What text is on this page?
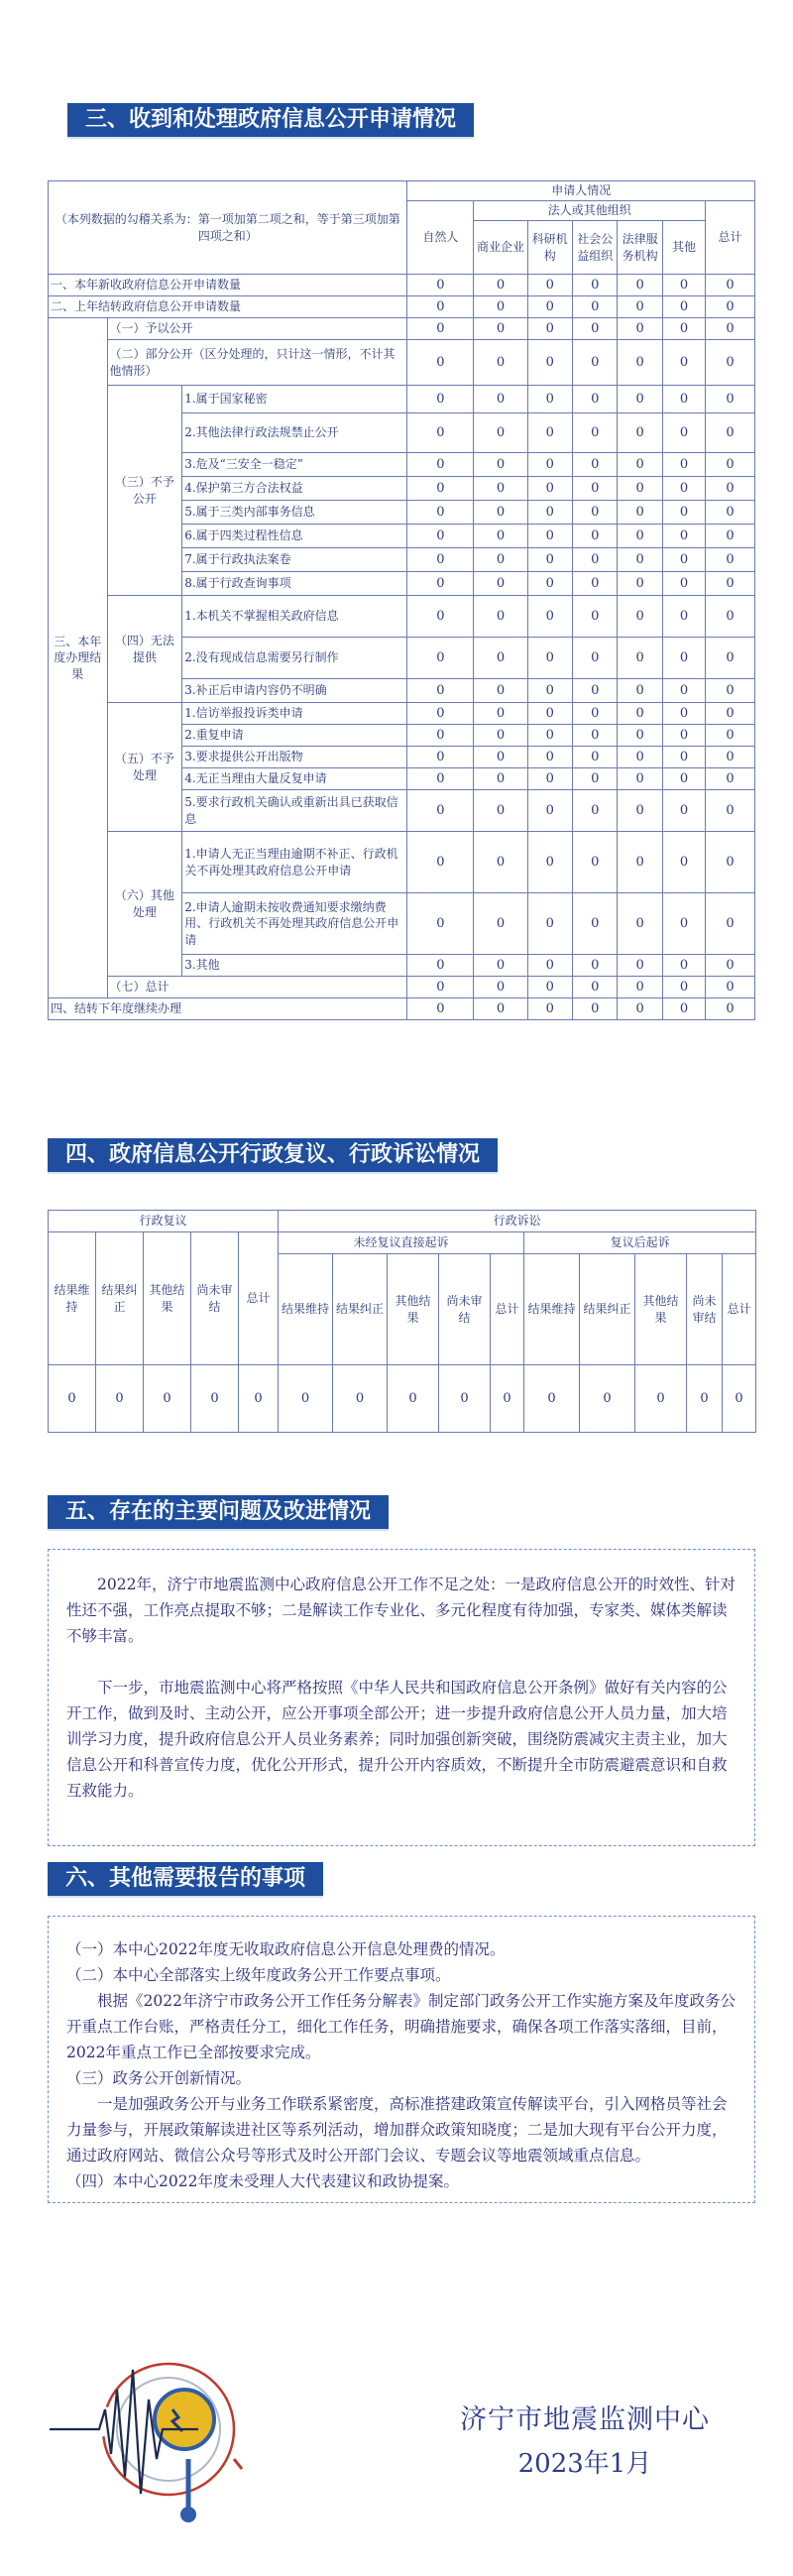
三、收到和处理政府信息公开申请情况
（本列数据的勾稽关系为：第一项加第二项之和，等于第三项加第四项之和）			申请人情况						
			自然人	法人或其他组织					总计
				商业企业	科研机构	社会公益组织	法律服务机构	其他	
一、本年新收政府信息公开申请数量			0	0	0	0	0	0	0
二、上年结转政府信息公开申请数量			0	0	0	0	0	0	0
三、本年度办理结果	（一）予以公开		0	0	0	0	0	0	0
	（二）部分公开（区分处理的，只计这一情形，不计其他情形）		0	0	0	0	0	0	0
	（三）不予公开	1.属于国家秘密	0	0	0	0	0	0	0
		2.其他法律行政法规禁止公开	0	0	0	0	0	0	0
		3.危及“三安全一稳定”	0	0	0	0	0	0	0
		4.保护第三方合法权益	0	0	0	0	0	0	0
		5.属于三类内部事务信息	0	0	0	0	0	0	0
		6.属于四类过程性信息	0	0	0	0	0	0	0
		7.属于行政执法案卷	0	0	0	0	0	0	0
		8.属于行政查询事项	0	0	0	0	0	0	0
	（四）无法提供	1.本机关不掌握相关政府信息	0	0	0	0	0	0	0
		2.没有现成信息需要另行制作	0	0	0	0	0	0	0
		3.补正后申请内容仍不明确	0	0	0	0	0	0	0
	（五）不予处理	1.信访举报投诉类申请	0	0	0	0	0	0	0
		2.重复申请	0	0	0	0	0	0	0
		3.要求提供公开出版物	0	0	0	0	0	0	0
		4.无正当理由大量反复申请	0	0	0	0	0	0	0
		5.要求行政机关确认或重新出具已获取信息	0	0	0	0	0	0	0
	（六）其他处理	1.申请人无正当理由逾期不补正、行政机关不再处理其政府信息公开申请	0	0	0	0	0	0	0
		2.申请人逾期未按收费通知要求缴纳费用、行政机关不再处理其政府信息公开申请	0	0	0	0	0	0	0
		3.其他	0	0	0	0	0	0	0
	（七）总计		0	0	0	0	0	0	0
四、结转下年度继续办理			0	0	0	0	0	0	0
四、政府信息公开行政复议、行政诉讼情况
行政复议					行政诉讼									
结果维持	结果纠正	其他结果	尚未审结	总计	未经复议直接起诉					复议后起诉				
					结果维持	结果纠正	其他结果	尚未审结	总计	结果维持	结果纠正	其他结果	尚未审结	总计
0	0	0	0	0	0	0	0	0	0	0	0	0	0	0
五、存在的主要问题及改进情况

2022年，济宁市地震监测中心政府信息公开工作不足之处：一是政府信息公开的时效性、针对性还不强，工作亮点提取不够；二是解读工作专业化、多元化程度有待加强，专家类、媒体类解读不够丰富。

下一步，市地震监测中心将严格按照《中华人民共和国政府信息公开条例》做好有关内容的公开工作，做到及时、主动公开，应公开事项全部公开；进一步提升政府信息公开人员力量，加大培训学习力度，提升政府信息公开人员业务素养；同时加强创新突破，围绕防震减灾主责主业，加大信息公开和科普宣传力度，优化公开形式，提升公开内容质效，不断提升全市防震避震意识和自救互救能力。

六、其他需要报告的事项

（一）本中心2022年度无收取政府信息公开信息处理费的情况。

（二）本中心全部落实上级年度政务公开工作要点事项。

根据《2022年济宁市政务公开工作任务分解表》制定部门政务公开工作实施方案及年度政务公开重点工作台账，严格责任分工，细化工作任务，明确措施要求，确保各项工作落实落细，目前，2022年重点工作已全部按要求完成。

（三）政务公开创新情况。

一是加强政务公开与业务工作联系紧密度，高标准搭建政策宣传解读平台，引入网格员等社会力量参与，开展政策解读进社区等系列活动，增加群众政策知晓度；二是加大现有平台公开力度，通过政府网站、微信公众号等形式及时公开部门会议、专题会议等地震领域重点信息。

（四）本中心2022年度未受理人大代表建议和政协提案。

济宁市地震监测中心
2023年1月
